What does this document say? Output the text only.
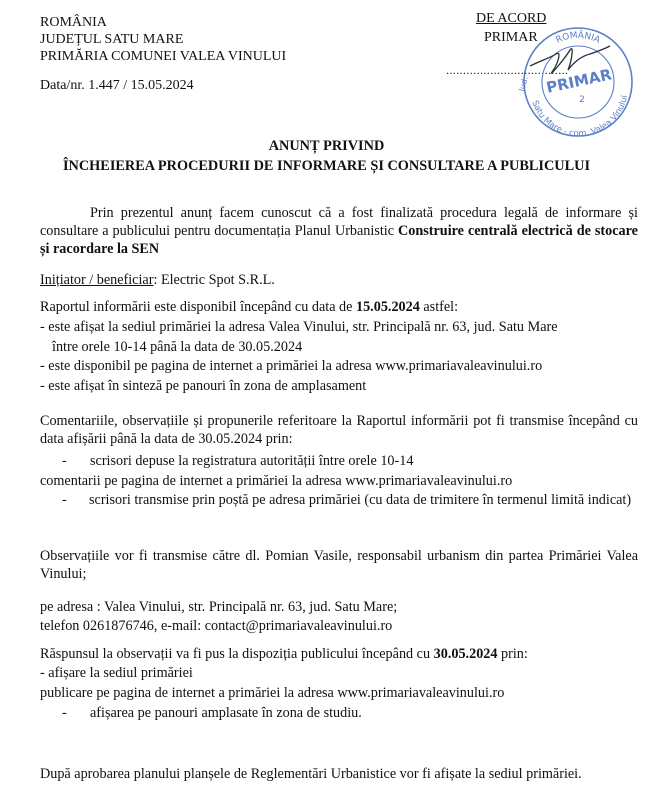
ROMÂNIA
JUDEȚUL SATU MARE
PRIMĂRIA COMUNEI VALEA VINULUI
Data/nr. 1.447 / 15.05.2024
DE ACORD
PRIMAR
....................................
ROMÂNIA
Satu Mare - com. Valea Vinului
Jud. PRIMAR
2
ANUNȚ PRIVIND
ÎNCHEIEREA PROCEDURII DE INFORMARE ȘI CONSULTARE A PUBLICULUI
Prin prezentul anunț facem cunoscut că a fost finalizată procedura legală de informare și consultare a publicului pentru documentația Planul Urbanistic Construire centrală electrică de stocare și racordare la SEN
Inițiator / beneficiar: Electric Spot S.R.L.
Raportul informării este disponibil începând cu data de 15.05.2024 astfel:
- este afișat la sediul primăriei la adresa Valea Vinului, str. Principală nr. 63, jud. Satu Mare
între orele 10-14 până la data de 30.05.2024
- este disponibil pe pagina de internet a primăriei la adresa www.primariavaleavinului.ro
- este afișat în sinteză pe panouri în zona de amplasament
Comentariile, observațiile și propunerile referitoare la Raportul informării pot fi transmise începând cu data afișării până la data de 30.05.2024 prin:
- scrisori depuse la registratura autorității între orele 10-14
comentarii pe pagina de internet a primăriei la adresa www.primariavaleavinului.ro
- scrisori transmise prin poștă pe adresa primăriei (cu data de trimitere în termenul limită indicat)
Observațiile vor fi transmise către dl. Pomian Vasile, responsabil urbanism din partea Primăriei Valea Vinului;
pe adresa : Valea Vinului, str. Principală nr. 63, jud. Satu Mare;
telefon 0261876746, e-mail: contact@primariavaleavinului.ro
Răspunsul la observații va fi pus la dispoziția publicului începând cu 30.05.2024 prin:
- afișare la sediul primăriei
publicare pe pagina de internet a primăriei la adresa www.primariavaleavinului.ro
- afișarea pe panouri amplasate în zona de studiu.
După aprobarea planului planșele de Reglementări Urbanistice vor fi afișate la sediul primăriei.
